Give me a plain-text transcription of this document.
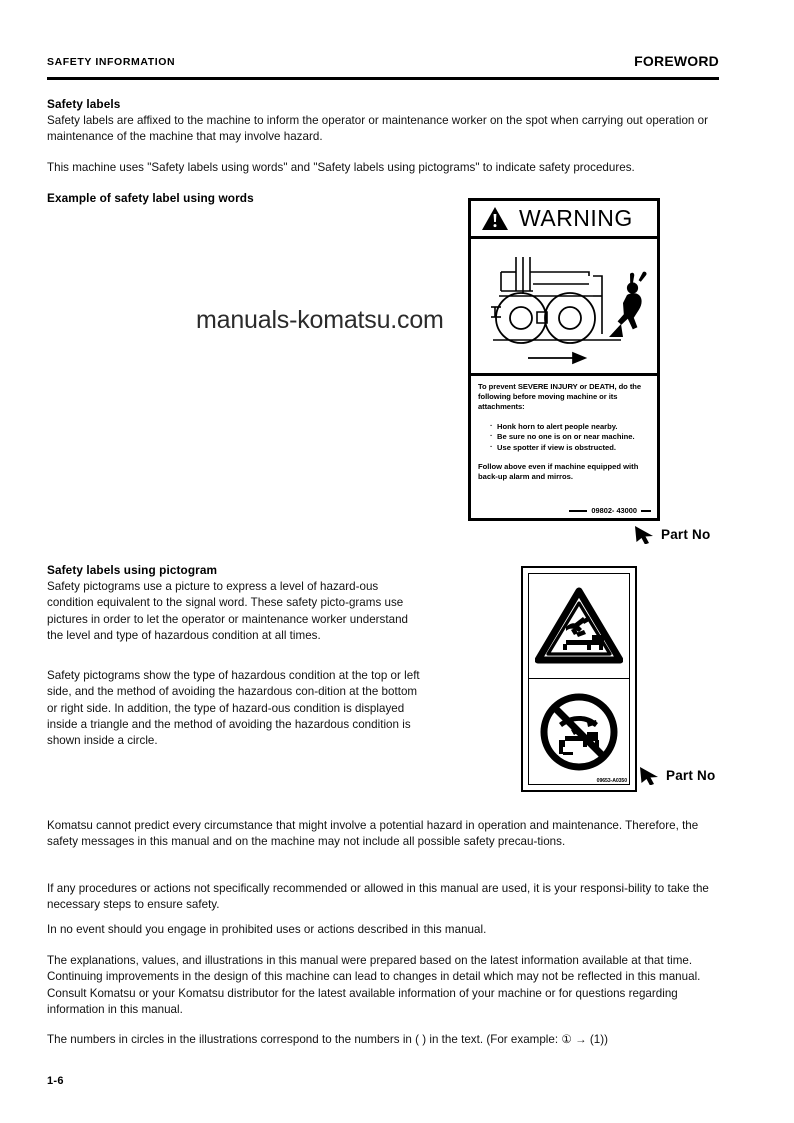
SAFETY INFORMATION	FOREWORD
Safety labels
Safety labels are affixed to the machine to inform the operator or maintenance worker on the spot when carrying out operation or maintenance of the machine that may involve hazard.
This machine uses "Safety labels using words" and "Safety labels using pictograms" to indicate safety procedures.
Example of safety label using words
WARNING
To prevent SEVERE INJURY or DEATH, do the following before moving machine or its attachments:
· Honk horn to alert people nearby.
· Be sure no one is on or near machine.
· Use spotter if view is obstructed.
Follow above even if machine equipped with back-up alarm and mirros.
09802- 43000
Part No
manuals-komatsu.com
Safety labels using pictogram
Safety pictograms use a picture to express a level of hazard-ous condition equivalent to the signal word. These safety picto-grams use pictures in order to let the operator or maintenance worker understand the level and type of hazardous condition at all times.
Safety pictograms show the type of hazardous condition at the top or left side, and the method of avoiding the hazardous con-dition at the bottom or right side. In addition, the type of hazard-ous condition is displayed inside a triangle and the method of avoiding the hazardous condition is shown inside a circle.
09653-A0350	Part No
Komatsu cannot predict every circumstance that might involve a potential hazard in operation and maintenance. Therefore, the safety messages in this manual and on the machine may not include all possible safety precau-tions.
If any procedures or actions not specifically recommended or allowed in this manual are used, it is your responsi-bility to take the necessary steps to ensure safety.
In no event should you engage in prohibited uses or actions described in this manual.
The explanations, values, and illustrations in this manual were prepared based on the latest information available at that time. Continuing improvements in the design of this machine can lead to changes in detail which may not be reflected in this manual. Consult Komatsu or your Komatsu distributor for the latest available information of your machine or for questions regarding information in this manual.
The numbers in circles in the illustrations correspond to the numbers in ( ) in the text. (For example: ① → (1))
1-6
